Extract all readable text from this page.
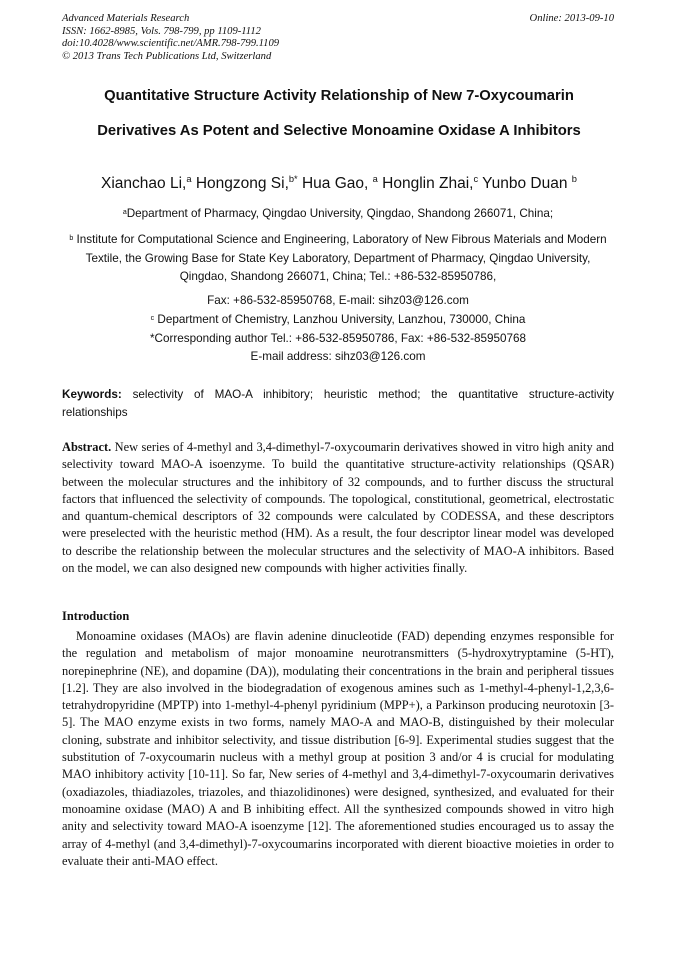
Advanced Materials Research
ISSN: 1662-8985, Vols. 798-799, pp 1109-1112
doi:10.4028/www.scientific.net/AMR.798-799.1109
© 2013 Trans Tech Publications Ltd, Switzerland
Online: 2013-09-10
Quantitative Structure Activity Relationship of New 7-Oxycoumarin
Derivatives As Potent and Selective Monoamine Oxidase A Inhibitors
Xianchao Li,$^a$ Hongzong Si,$^{b*}$ Hua Gao, $^a$ Honglin Zhai,$^c$ Yunbo Duan $^b$
$^a$Department of Pharmacy, Qingdao University, Qingdao, Shandong 266071, China;
$^b$ Institute for Computational Science and Engineering, Laboratory of New Fibrous Materials and Modern Textile, the Growing Base for State Key Laboratory, Department of Pharmacy, Qingdao University, Qingdao, Shandong 266071, China; Tel.: +86-532-85950786,
Fax: +86-532-85950768, E-mail: sihz03@126.com
$^c$ Department of Chemistry, Lanzhou University, Lanzhou, 730000, China
*Corresponding author Tel.: +86-532-85950786, Fax: +86-532-85950768
E-mail address: sihz03@126.com
Keywords: selectivity of MAO-A inhibitory; heuristic method; the quantitative structure-activity relationships
Abstract. New series of 4-methyl and 3,4-dimethyl-7-oxycoumarin derivatives showed in vitro high anity and selectivity toward MAO-A isoenzyme. To build the quantitative structure-activity relationships (QSAR) between the molecular structures and the inhibitory of 32 compounds, and to further discuss the structural factors that influenced the selectivity of compounds. The topological, constitutional, geometrical, electrostatic and quantum-chemical descriptors of 32 compounds were calculated by CODESSA, and these descriptors were preselected with the heuristic method (HM). As a result, the four descriptor linear model was developed to describe the relationship between the molecular structures and the selectivity of MAO-A inhibitors. Based on the model, we can also designed new compounds with higher activities finally.
Introduction
Monoamine oxidases (MAOs) are flavin adenine dinucleotide (FAD) depending enzymes responsible for the regulation and metabolism of major monoamine neurotransmitters (5-hydroxytryptamine (5-HT), norepinephrine (NE), and dopamine (DA)), modulating their concentrations in the brain and peripheral tissues [1.2]. They are also involved in the biodegradation of exogenous amines such as 1-methyl-4-phenyl-1,2,3,6-tetrahydropyridine (MPTP) into 1-methyl-4-phenyl pyridinium (MPP+), a Parkinson producing neurotoxin [3-5]. The MAO enzyme exists in two forms, namely MAO-A and MAO-B, distinguished by their molecular cloning, substrate and inhibitor selectivity, and tissue distribution [6-9]. Experimental studies suggest that the substitution of 7-oxycoumarin nucleus with a methyl group at position 3 and/or 4 is crucial for modulating MAO inhibitory activity [10-11]. So far, New series of 4-methyl and 3,4-dimethyl-7-oxycoumarin derivatives (oxadiazoles, thiadiazoles, triazoles, and thiazolidinones) were designed, synthesized, and evaluated for their monoamine oxidase (MAO) A and B inhibiting effect. All the synthesized compounds showed in vitro high anity and selectivity toward MAO-A isoenzyme [12]. The aforementioned studies encouraged us to assay the array of 4-methyl (and 3,4-dimethyl)-7-oxycoumarins incorporated with dierent bioactive moieties in order to evaluate their anti-MAO effect.
